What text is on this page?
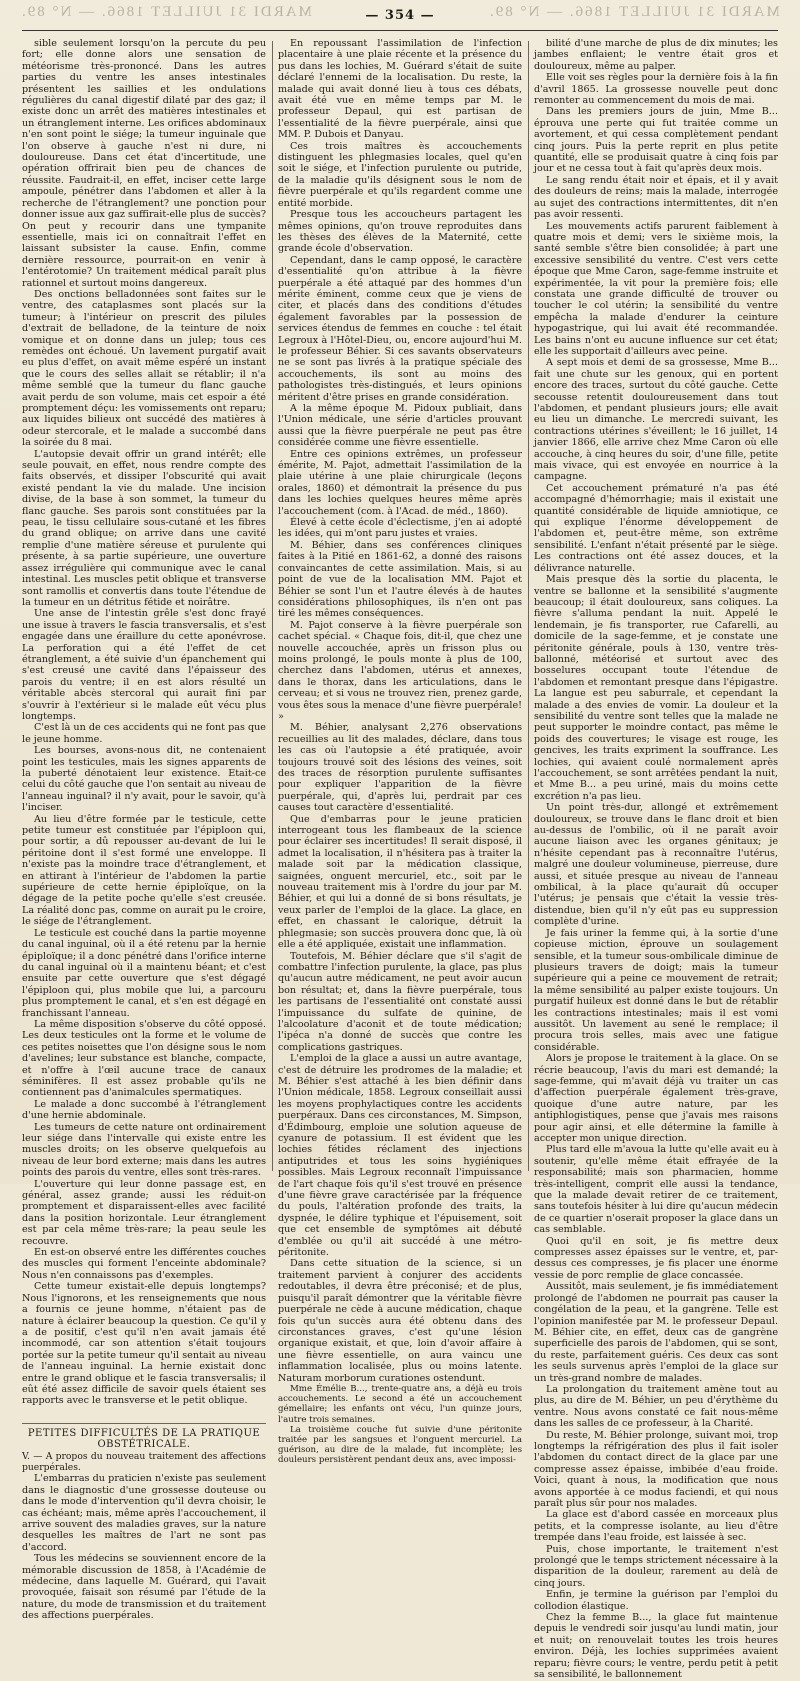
MARDI 31 JUILLET 1866. — N° 89.	MARDI 31 JUILLET 1866. — N° 89.
— 354 —

sible seulement lorsqu'on la percute du peu fort; elle donne alors une sensation de météorisme très-prononcé. Dans les autres parties du ventre les anses intestinales présentent les saillies et les ondulations régulières du canal digestif dilaté par des gaz; il existe donc un arrêt des matières intestinales et un étranglement interne. Les orifices abdominaux n'en sont point le siége; la tumeur inguinale que l'on observe à gauche n'est ni dure, ni douloureuse. Dans cet état d'incertitude, une opération offrirait bien peu de chances de réussite. Faudrait-il, en effet, inciser cette large ampoule, pénétrer dans l'abdomen et aller à la recherche de l'étranglement? une ponction pour donner issue aux gaz suffirait-elle plus de succès? On peut y recourir dans une tympanite essentielle, mais ici on connaîtrait l'effet en laissant subsister la cause. Enfin, comme dernière ressource, pourrait-on en venir à l'entérotomie? Un traitement médical paraît plus rationnel et surtout moins dangereux.

Des onctions belladonnées sont faites sur le ventre, des cataplasmes sont placés sur la tumeur; à l'intérieur on prescrit des pilules d'extrait de belladone, de la teinture de noix vomique et on donne dans un julep; tous ces remèdes ont échoué. Un lavement purgatif avait eu plus d'effet, on avait même espéré un instant que le cours des selles allait se rétablir; il n'a même semblé que la tumeur du flanc gauche avait perdu de son volume, mais cet espoir a été promptement déçu: les vomissements ont reparu; aux liquides bilieux ont succédé des matières à odeur stercorale, et le malade a succombé dans la soirée du 8 mai.

L'autopsie devait offrir un grand intérêt; elle seule pouvait, en effet, nous rendre compte des faits observés, et dissiper l'obscurité qui avait existé pendant la vie du malade. Une incision divise, de la base à son sommet, la tumeur du flanc gauche. Ses parois sont constituées par la peau, le tissu cellulaire sous-cutané et les fibres du grand oblique; on arrive dans une cavité remplie d'une matière séreuse et purulente qui présente, à sa partie supérieure, une ouverture assez irrégulière qui communique avec le canal intestinal. Les muscles petit oblique et transverse sont ramollis et convertis dans toute l'étendue de la tumeur en un détritus fétide et noirâtre.

Une anse de l'intestin grêle s'est donc frayé une issue à travers le fascia transversalis, et s'est engagée dans une éraillure du cette aponévrose. La perforation qui a été l'effet de cet étranglement, a été suivie d'un épanchement qui s'est creusé une cavité dans l'épaisseur des parois du ventre; il en est alors résulté un véritable abcès stercoral qui aurait fini par s'ouvrir à l'extérieur si le malade eût vécu plus longtemps.

C'est là un de ces accidents qui ne font pas que le jeune homme.

Les bourses, avons-nous dit, ne contenaient point les testicules, mais les signes apparents de la puberté dénotaient leur existence. Etait-ce celui du côté gauche que l'on sentait au niveau de l'anneau inguinal? il n'y avait, pour le savoir, qu'à l'inciser.

Au lieu d'être formée par le testicule, cette petite tumeur est constituée par l'épiploon qui, pour sortir, a dû repousser au-devant de lui le péritoine dont il s'est formé une enveloppe. Il n'existe pas la moindre trace d'étranglement, et en attirant à l'intérieur de l'abdomen la partie supérieure de cette hernie épiploïque, on la dégage de la petite poche qu'elle s'est creusée. La réalité donc pas, comme on aurait pu le croire, le siége de l'étranglement.

Le testicule est couché dans la partie moyenne du canal inguinal, où il a été retenu par la hernie épiploïque; il a donc pénétré dans l'orifice interne du canal inguinal où il a maintenu béant; et c'est ensuite par cette ouverture que s'est dégagé l'épiploon qui, plus mobile que lui, a parcouru plus promptement le canal, et s'en est dégagé en franchissant l'anneau.

La même disposition s'observe du côté opposé. Les deux testicules ont la forme et le volume de ces petites noisettes que l'on désigne sous le nom d'avelines; leur substance est blanche, compacte, et n'offre à l'œil aucune trace de canaux séminifères. Il est assez probable qu'ils ne contiennent pas d'animalcules spermatiques.

Le malade a donc succombé à l'étranglement d'une hernie abdominale.

Les tumeurs de cette nature ont ordinairement leur siége dans l'intervalle qui existe entre les muscles droits; on les observe quelquefois au niveau de leur bord externe; mais dans les autres points des parois du ventre, elles sont très-rares.

L'ouverture qui leur donne passage est, en général, assez grande; aussi les réduit-on promptement et disparaissent-elles avec facilité dans la position horizontale. Leur étranglement est par cela même très-rare; la peau seule les recouvre.

En est-on observé entre les différentes couches des muscles qui forment l'enceinte abdominale? Nous n'en connaissons pas d'exemples.

Cette tumeur existait-elle depuis longtemps? Nous l'ignorons, et les renseignements que nous a fournis ce jeune homme, n'étaient pas de nature à éclairer beaucoup la question. Ce qu'il y a de positif, c'est qu'il n'en avait jamais été incommodé, car son attention s'était toujours portée sur la petite tumeur qu'il sentait au niveau de l'anneau inguinal. La hernie existait donc entre le grand oblique et le fascia transversalis; il eût été assez difficile de savoir quels étaient ses rapports avec le transverse et le petit oblique.

PETITES DIFFICULTÉS DE LA PRATIQUE OBSTÉTRICALE.

V. — A propos du nouveau traitement des affections puerpérales.

L'embarras du praticien n'existe pas seulement dans le diagnostic d'une grossesse douteuse ou dans le mode d'intervention qu'il devra choisir, le cas échéant; mais, même après l'accouchement, il arrive souvent des maladies graves, sur la nature desquelles les maîtres de l'art ne sont pas d'accord.

Tous les médecins se souviennent encore de la mémorable discussion de 1858, à l'Académie de médecine, dans laquelle M. Guérard, qui l'avait provoquée, faisait son résumé par l'étude de la nature, du mode de transmission et du traitement des affections puerpérales.

En repoussant l'assimilation de l'infection placentaire à une plaie récente et la présence du pus dans les lochies, M. Guérard s'était de suite déclaré l'ennemi de la localisation. Du reste, la malade qui avait donné lieu à tous ces débats, avait été vue en même temps par M. le professeur Depaul, qui est partisan de l'essentialité de la fièvre puerpérale, ainsi que MM. P. Dubois et Danyau.

Ces trois maîtres ès accouchements distinguent les phlegmasies locales, quel qu'en soit le siége, et l'infection purulente ou putride, de la maladie qu'ils désignent sous le nom de fièvre puerpérale et qu'ils regardent comme une entité morbide.

Presque tous les accoucheurs partagent les mêmes opinions, qu'on trouve reproduites dans les thèses des élèves de la Maternité, cette grande école d'observation.

Cependant, dans le camp opposé, le caractère d'essentialité qu'on attribue à la fièvre puerpérale a été attaqué par des hommes d'un mérite éminent, comme ceux que je viens de citer, et placés dans des conditions d'études également favorables par la possession de services étendus de femmes en couche : tel était Legroux à l'Hôtel-Dieu, ou, encore aujourd'hui M. le professeur Béhier. Si ces savants observateurs ne se sont pas livrés à la pratique spéciale des accouchements, ils sont au moins des pathologistes très-distingués, et leurs opinions méritent d'être prises en grande considération.

A la même époque M. Pidoux publiait, dans l'Union médicale, une série d'articles prouvant aussi que la fièvre puerpérale ne peut pas être considérée comme une fièvre essentielle.

Entre ces opinions extrêmes, un professeur émérite, M. Pajot, admettait l'assimilation de la plaie utérine à une plaie chirurgicale (leçons orales, 1860) et démontrait la présence du pus dans les lochies quelques heures même après l'accouchement (com. à l'Acad. de méd., 1860).

Élevé à cette école d'éclectisme, j'en ai adopté les idées, qui m'ont paru justes et vraies.

M. Béhier, dans ses conférences cliniques faites à la Pitié en 1861-62, a donné des raisons convaincantes de cette assimilation. Mais, si au point de vue de la localisation MM. Pajot et Béhier se sont l'un et l'autre élevés à de hautes considérations philosophiques, ils n'en ont pas tiré les mêmes conséquences.

M. Pajot conserve à la fièvre puerpérale son cachet spécial. « Chaque fois, dit-il, que chez une nouvelle accouchée, après un frisson plus ou moins prolongé, le pouls monte à plus de 100, cherchez dans l'abdomen, utérus et annexes, dans le thorax, dans les articulations, dans le cerveau; et si vous ne trouvez rien, prenez garde, vous êtes sous la menace d'une fièvre puerpérale! »

M. Béhier, analysant 2,276 observations recueillies au lit des malades, déclare, dans tous les cas où l'autopsie a été pratiquée, avoir toujours trouvé soit des lésions des veines, soit des traces de résorption purulente suffisantes pour expliquer l'apparition de la fièvre puerpérale, qui, d'après lui, perdrait par ces causes tout caractère d'essentialité.

Que d'embarras pour le jeune praticien interrogeant tous les flambeaux de la science pour éclairer ses incertitudes! Il serait disposé, il admet la localisation, il n'hésitera pas à traiter la malade soit par la médication classique, saignées, onguent mercuriel, etc., soit par le nouveau traitement mis à l'ordre du jour par M. Béhier, et qui lui a donné de si bons résultats, je veux parler de l'emploi de la glace. La glace, en effet, en chassant le calorique, détruit la phlegmasie; son succès prouvera donc que, là où elle a été appliquée, existait une inflammation.

Toutefois, M. Béhier déclare que s'il s'agit de combattre l'infection purulente, la glace, pas plus qu'aucun autre médicament, ne peut avoir aucun bon résultat; et, dans la fièvre puerpérale, tous les partisans de l'essentialité ont constaté aussi l'impuissance du sulfate de quinine, de l'alcoolature d'aconit et de toute médication; l'ipéca n'a donné de succès que contre les complications gastriques.

L'emploi de la glace a aussi un autre avantage, c'est de détruire les prodromes de la maladie; et M. Béhier s'est attaché à les bien définir dans l'Union médicale, 1858. Legroux conseillait aussi les moyens prophylactiques contre les accidents puerpéraux. Dans ces circonstances, M. Simpson, d'Édimbourg, emploie une solution aqueuse de cyanure de potassium. Il est évident que les lochies fétides réclament des injections antiputrides et tous les soins hygiéniques possibles. Mais Legroux reconnaît l'impuissance de l'art chaque fois qu'il s'est trouvé en présence d'une fièvre grave caractérisée par la fréquence du pouls, l'altération profonde des traits, la dyspnée, le délire typhique et l'épuisement, soit que cet ensemble de symptômes ait débuté d'emblée ou qu'il ait succédé à une métro-péritonite.

Dans cette situation de la science, si un traitement parvient à conjurer des accidents redoutables, il devra être préconisé; et de plus, puisqu'il paraît démontrer que la véritable fièvre puerpérale ne cède à aucune médication, chaque fois qu'un succès aura été obtenu dans des circonstances graves, c'est qu'une lésion organique existait, et que, loin d'avoir affaire à une fièvre essentielle, on aura vaincu une inflammation localisée, plus ou moins latente. Naturam morborum curationes ostendunt.

Mme Émélie B..., trente-quatre ans, a déjà eu trois accouchements. Le second a été un accouchement gémellaire; les enfants ont vécu, l'un quinze jours, l'autre trois semaines.

La troisième couche fut suivie d'une péritonite traitée par les sangsues et l'onguent mercuriel. La guérison, au dire de la malade, fut incomplète; les douleurs persistèrent pendant deux ans, avec impossi-

bilité d'une marche de plus de dix minutes; les jambes enflaient; le ventre était gros et douloureux, même au palper.

Elle voit ses règles pour la dernière fois à la fin d'avril 1865. La grossesse nouvelle peut donc remonter au commencement du mois de mai.

Dans les premiers jours de juin, Mme B... éprouva une perte qui fut traitée comme un avortement, et qui cessa complètement pendant cinq jours. Puis la perte reprit en plus petite quantité, elle se produisait quatre à cinq fois par jour et ne cessa tout à fait qu'après deux mois.

Le sang rendu était noir et épais, et il y avait des douleurs de reins; mais la malade, interrogée au sujet des contractions intermittentes, dit n'en pas avoir ressenti.

Les mouvements actifs parurent faiblement à quatre mois et demi; vers le sixième mois, la santé semble s'être bien consolidée; à part une excessive sensibilité du ventre. C'est vers cette époque que Mme Caron, sage-femme instruite et expérimentée, la vit pour la première fois; elle constata une grande difficulté de trouver ou toucher le col utérin; la sensibilité du ventre empêcha la malade d'endurer la ceinture hypogastrique, qui lui avait été recommandée. Les bains n'ont eu aucune influence sur cet état; elle les supportait d'ailleurs avec peine.

A sept mois et demi de sa grossesse, Mme B... fait une chute sur les genoux, qui en portent encore des traces, surtout du côté gauche. Cette secousse retentit douloureusement dans tout l'abdomen, et pendant plusieurs jours; elle avait eu lieu un dimanche. Le mercredi suivant, les contractions utérines s'éveillent; le 16 juillet, 14 janvier 1866, elle arrive chez Mme Caron où elle accouche, à cinq heures du soir, d'une fille, petite mais vivace, qui est envoyée en nourrice à la campagne.

Cet accouchement prématuré n'a pas été accompagné d'hémorrhagie; mais il existait une quantité considérable de liquide amniotique, ce qui explique l'énorme développement de l'abdomen et, peut-être même, son extrême sensibilité. L'enfant n'était présenté par le siège. Les contractions ont été assez douces, et la délivrance naturelle.

Mais presque dès la sortie du placenta, le ventre se ballonne et la sensibilité s'augmente beaucoup; il était douloureux, sans coliques. La fièvre s'alluma pendant la nuit. Appelé le lendemain, je fis transporter, rue Cafarelli, au domicile de la sage-femme, et je constate une péritonite générale, pouls à 130, ventre très-ballonné, météorisé et surtout avec des bosselures occupant toute l'étendue de l'abdomen et remontant presque dans l'épigastre. La langue est peu saburrale, et cependant la malade a des envies de vomir. La douleur et la sensibilité du ventre sont telles que la malade ne peut supporter le moindre contact, pas même le poids des couvertures; le visage est rouge, les gencives, les traits expriment la souffrance. Les lochies, qui avaient coulé normalement après l'accouchement, se sont arrêtées pendant la nuit, et Mme B... a peu uriné, mais du moins cette excrétion n'a pas lieu.

Un point très-dur, allongé et extrêmement douloureux, se trouve dans le flanc droit et bien au-dessus de l'ombilic, où il ne paraît avoir aucune liaison avec les organes génitaux; je n'hésite cependant pas à reconnaître l'utérus, malgré une douleur volumineuse, pierreuse, dure aussi, et située presque au niveau de l'anneau ombilical, à la place qu'aurait dû occuper l'utérus; je pensais que c'était la vessie très-distendue, bien qu'il n'y eût pas eu suppression complète d'urine.

Je fais uriner la femme qui, à la sortie d'une copieuse miction, éprouve un soulagement sensible, et la tumeur sous-ombilicale diminue de plusieurs travers de doigt; mais la tumeur supérieure qui a peine ce mouvement de retrait; la même sensibilité au palper existe toujours. Un purgatif huileux est donné dans le but de rétablir les contractions intestinales; mais il est vomi aussitôt. Un lavement au sené le remplace; il procura trois selles, mais avec une fatigue considérable.

Alors je propose le traitement à la glace. On se récrie beaucoup, l'avis du mari est demandé; la sage-femme, qui m'avait déjà vu traiter un cas d'affection puerpérale également très-grave, quoique d'une autre nature, par les antiphlogistiques, pense que j'avais mes raisons pour agir ainsi, et elle détermine la famille à accepter mon unique direction.

Plus tard elle m'avoua la lutte qu'elle avait eu à soutenir, qu'elle même était effrayée de la responsabilité; mais son pharmacien, homme très-intelligent, comprit elle aussi la tendance, que la malade devait retirer de ce traitement, sans toutefois hésiter à lui dire qu'aucun médecin de ce quartier n'oserait proposer la glace dans un cas semblable.

Quoi qu'il en soit, je fis mettre deux compresses assez épaisses sur le ventre, et, par-dessus ces compresses, je fis placer une énorme vessie de porc remplie de glace concassée.

Aussitôt, mais seulement, je fis immédiatement prolongé de l'abdomen ne pourrait pas causer la congélation de la peau, et la gangrène. Telle est l'opinion manifestée par M. le professeur Depaul. M. Béhier cite, en effet, deux cas de gangrène superficielle des parois de l'abdomen, qui se sont, du reste, parfaitement guéris. Ces deux cas sont les seuls survenus après l'emploi de la glace sur un très-grand nombre de malades.

La prolongation du traitement amène tout au plus, au dire de M. Béhier, un peu d'érythème du ventre. Nous avons constaté ce fait nous-même dans les salles de ce professeur, à la Charité.

Du reste, M. Béhier prolonge, suivant moi, trop longtemps la réfrigération des plus il fait isoler l'abdomen du contact direct de la glace par une compresse assez épaisse, imbibée d'eau froide. Voici, quant à nous, la modification que nous avons apportée à ce modus faciendi, et qui nous paraît plus sûr pour nos malades.

La glace est d'abord cassée en morceaux plus petits, et la compresse isolante, au lieu d'être trempée dans l'eau froide, est laissée à sec.

Puis, chose importante, le traitement n'est prolongé que le temps strictement nécessaire à la disparition de la douleur, rarement au delà de cinq jours.

Enfin, je termine la guérison par l'emploi du collodion élastique.

Chez la femme B..., la glace fut maintenue depuis le vendredi soir jusqu'au lundi matin, jour et nuit; on renouvelait toutes les trois heures environ. Déjà, les lochies supprimées avaient reparu; fièvre cours; le ventre, perdu petit à petit sa sensibilité, le ballonnement
